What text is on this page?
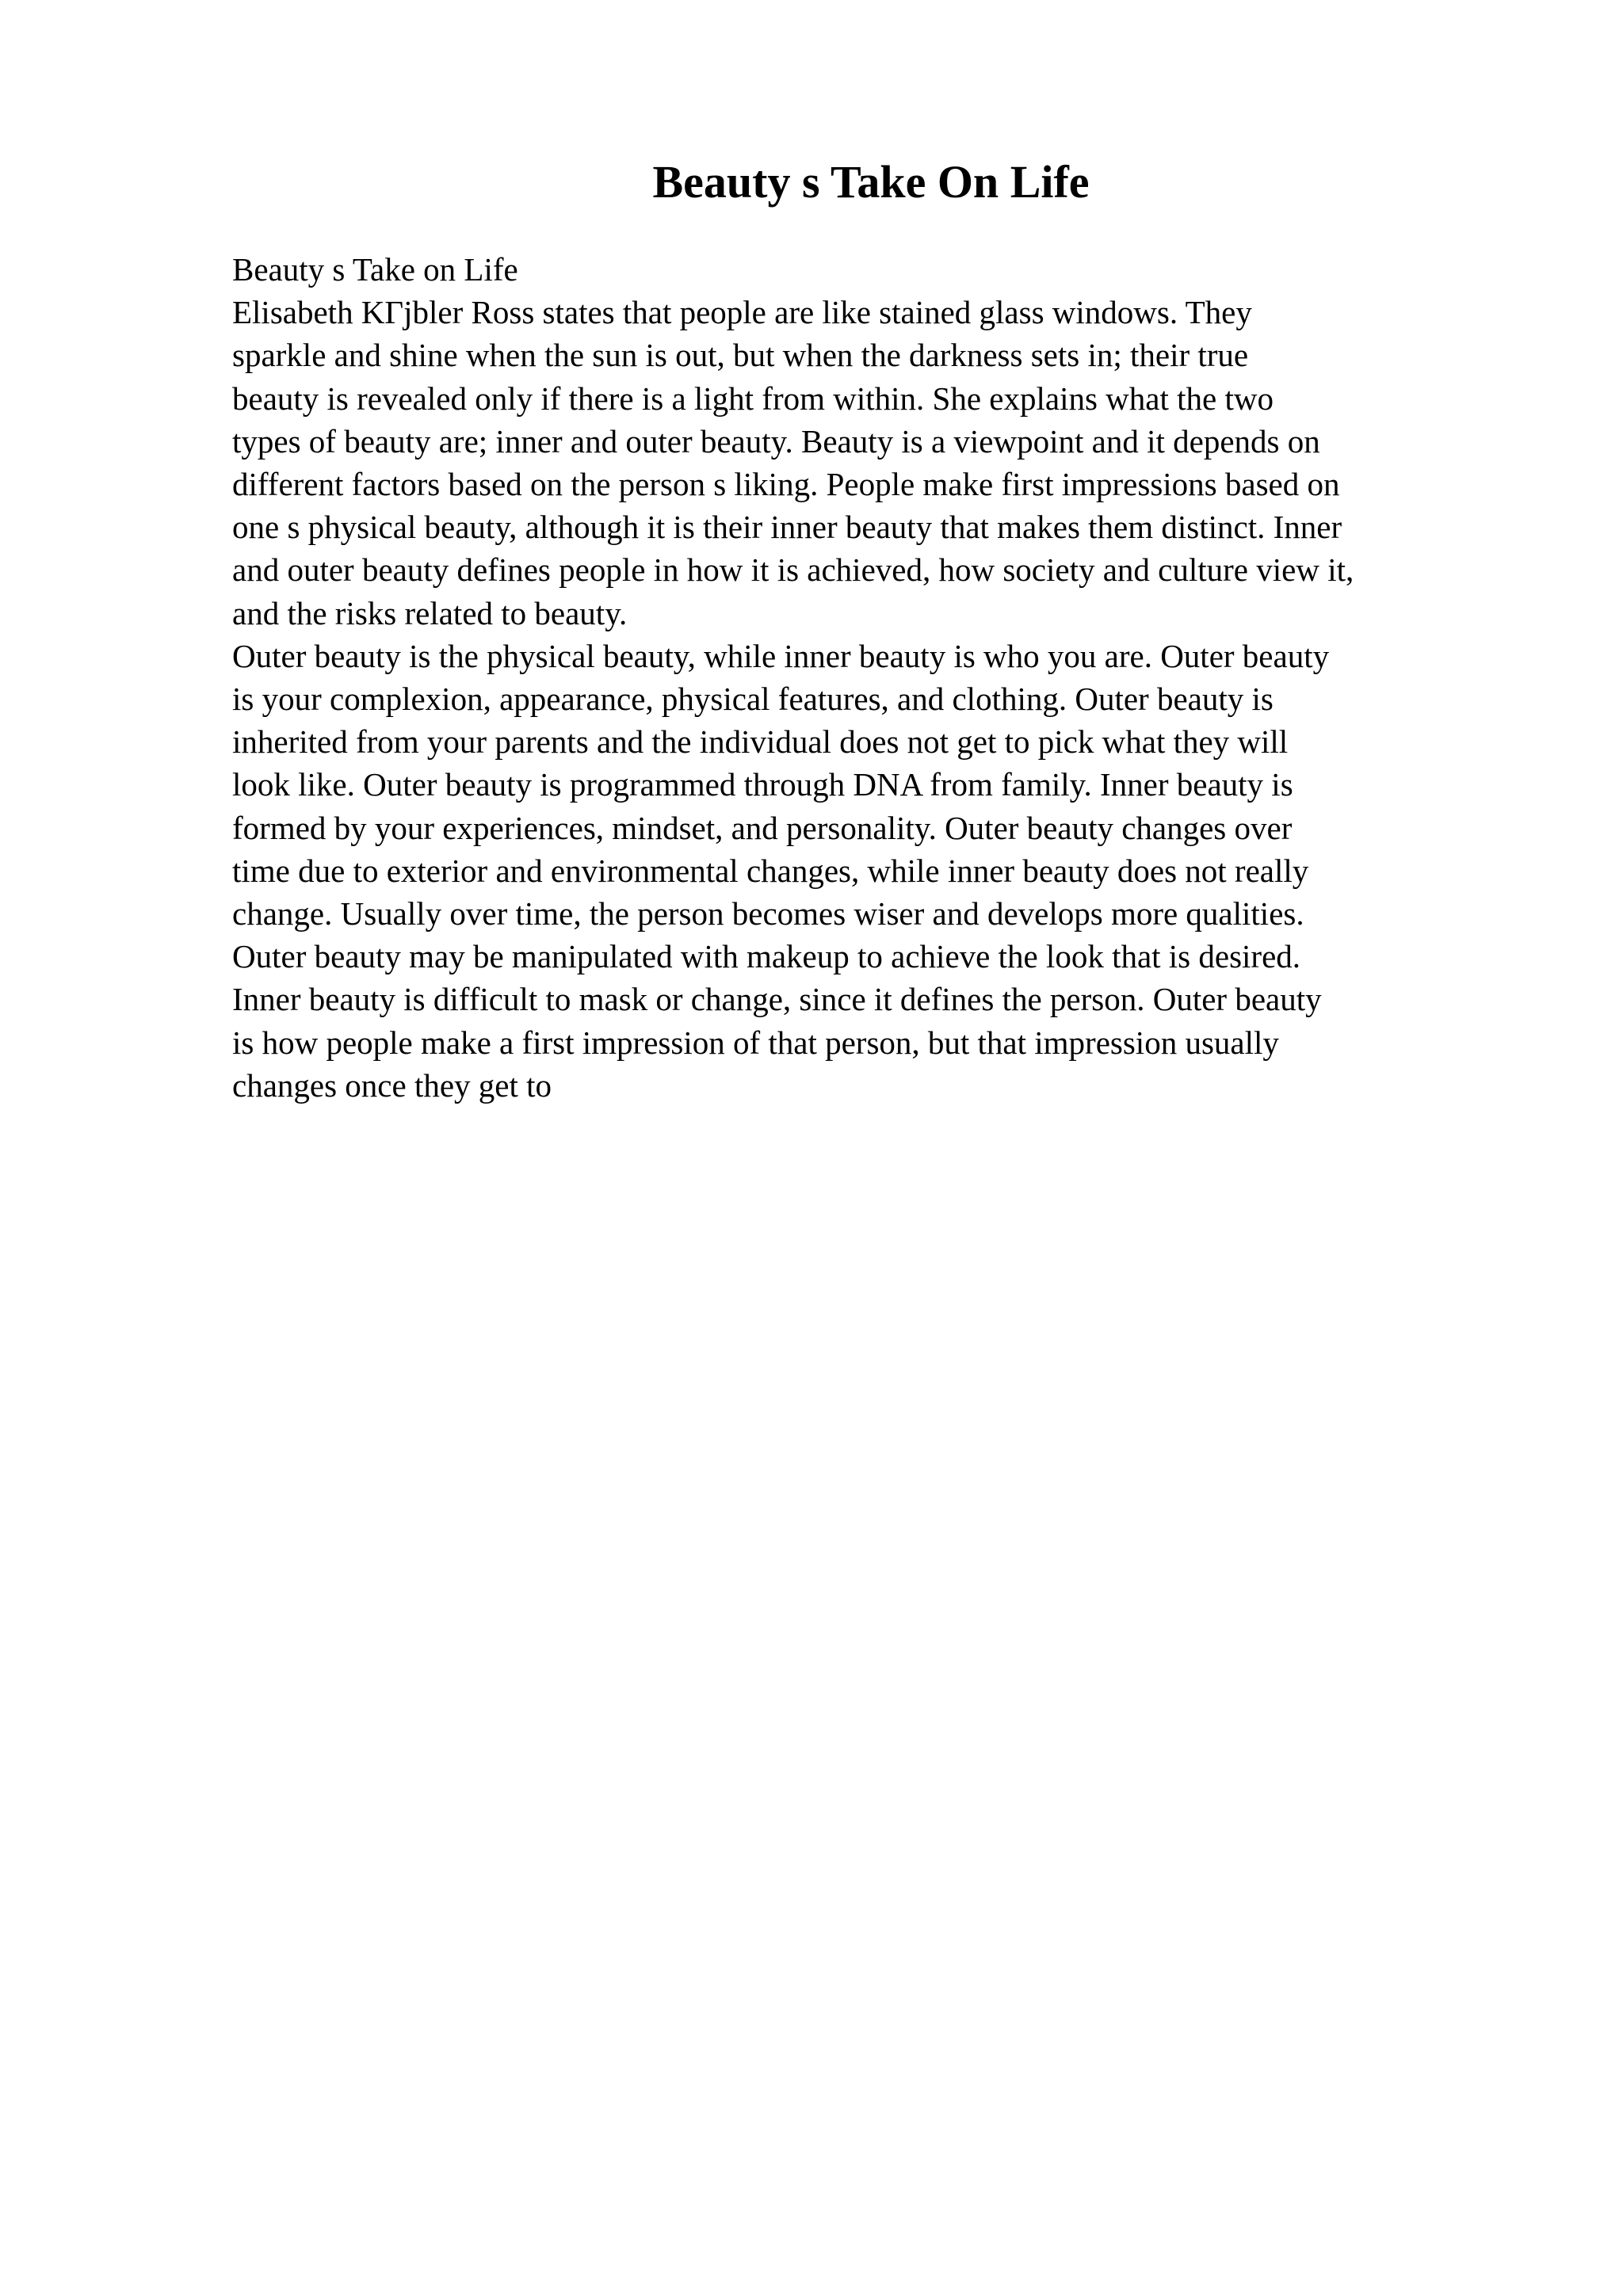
Beauty s Take On Life
Beauty s Take on Life
Elisabeth KΓjbler Ross states that people are like stained glass windows. They
sparkle and shine when the sun is out, but when the darkness sets in; their true
beauty is revealed only if there is a light from within. She explains what the two
types of beauty are; inner and outer beauty. Beauty is a viewpoint and it depends on
different factors based on the person s liking. People make first impressions based on
one s physical beauty, although it is their inner beauty that makes them distinct. Inner
and outer beauty defines people in how it is achieved, how society and culture view it,
and the risks related to beauty.
Outer beauty is the physical beauty, while inner beauty is who you are. Outer beauty
is your complexion, appearance, physical features, and clothing. Outer beauty is
inherited from your parents and the individual does not get to pick what they will
look like. Outer beauty is programmed through DNA from family. Inner beauty is
formed by your experiences, mindset, and personality. Outer beauty changes over
time due to exterior and environmental changes, while inner beauty does not really
change. Usually over time, the person becomes wiser and develops more qualities.
Outer beauty may be manipulated with makeup to achieve the look that is desired.
Inner beauty is difficult to mask or change, since it defines the person. Outer beauty
is how people make a first impression of that person, but that impression usually
changes once they get to
